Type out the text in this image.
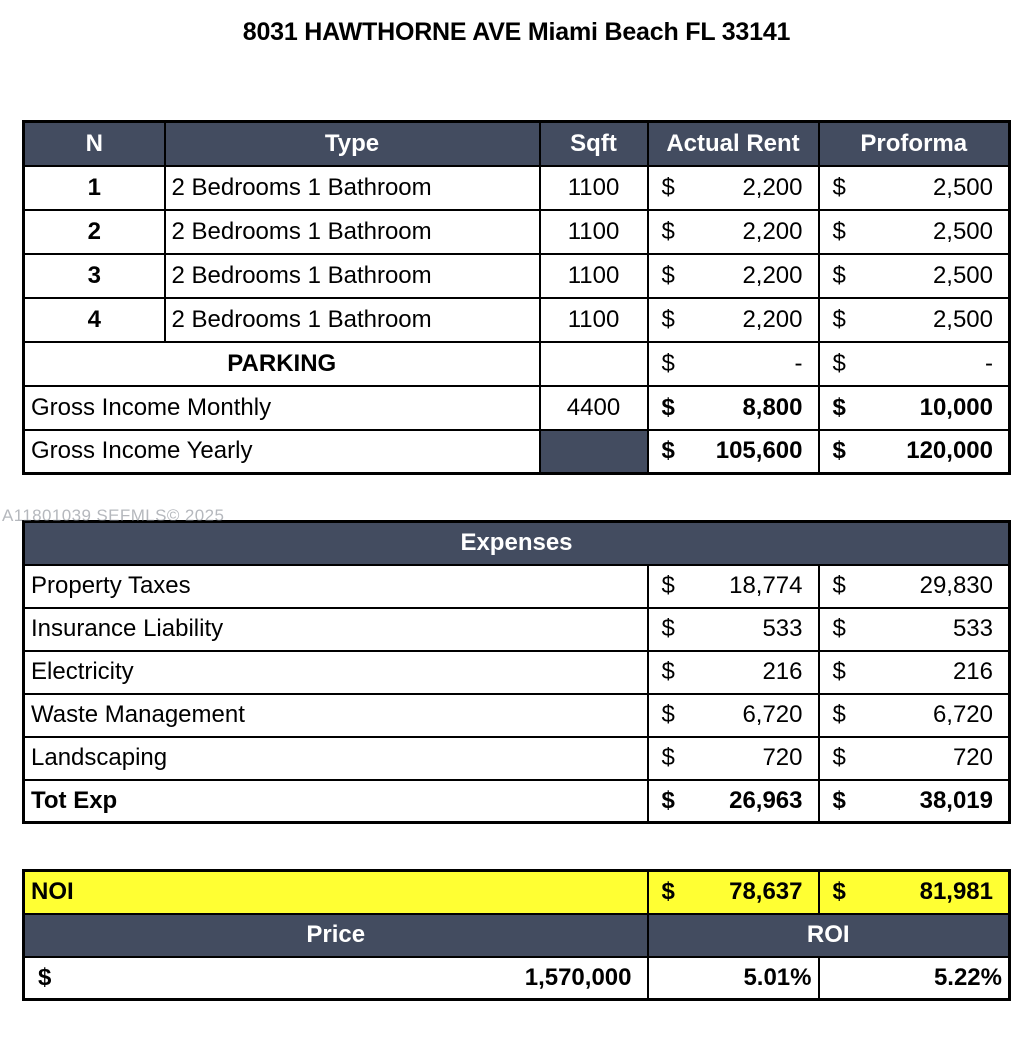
8031 HAWTHORNE AVE Miami Beach FL 33141
A11801039 SEFMLS© 2025
N	Type	Sqft	Actual Rent	Proforma
1	2 Bedrooms 1 Bathroom	1100	$ 2,200	$ 2,500

2	2 Bedrooms 1 Bathroom	1100	$ 2,200	$ 2,500

3	2 Bedrooms 1 Bathroom	1100	$ 2,200	$ 2,500

4	2 Bedrooms 1 Bathroom	1100	$ 2,200	$ 2,500

PARKING			$ -	$ -

Gross Income Monthly		4400	$ 8,800	$ 10,000

Gross Income Yearly			$ 105,600	$ 120,000
Expenses		
Property Taxes	$ 18,774	$ 29,830

Insurance Liability	$ 533	$ 533

Electricity	$ 216	$ 216

Waste Management	$ 6,720	$ 6,720

Landscaping	$ 720	$ 720

Tot Exp	$ 26,963	$ 38,019
NOI	$ 78,637	$ 81,981

Price	ROI	

$ 1,570,000	5.01%	5.22%
